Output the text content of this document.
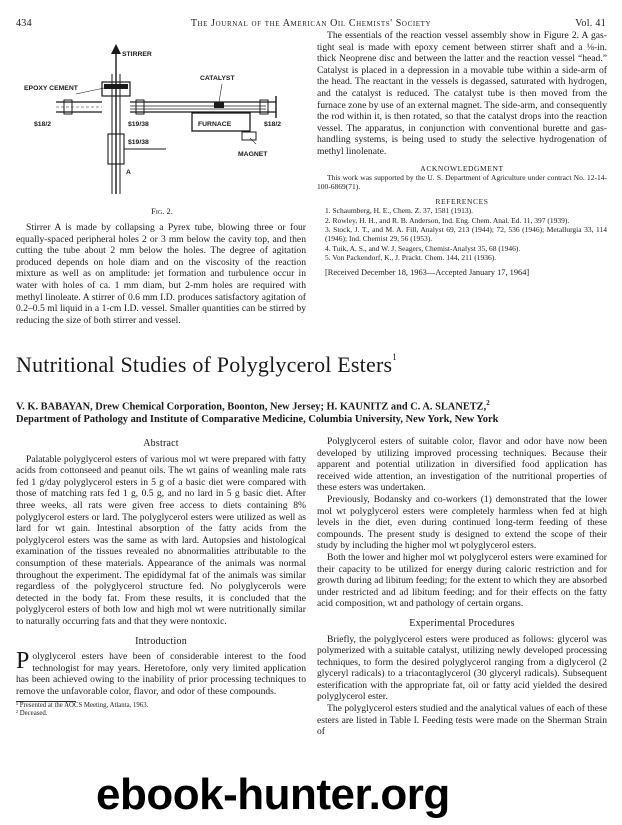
434	The Journal of the American Oil Chemists' Society	Vol. 41
STIRRER
EPOXY CEMENT
CATALYST
$18/2	$19/38	FURNACE	$18/2
$19/38
MAGNET
A
Fig. 2.

Stirrer A is made by collapsing a Pyrex tube, blowing three or four equally-spaced peripheral holes 2 or 3 mm below the cavity top, and then cutting the tube about 2 mm below the holes. The degree of agitation produced depends on hole diam and on the viscosity of the reaction mixture as well as on amplitude: jet formation and turbulence occur in water with holes of ca. 1 mm diam, but 2-mm holes are required with methyl linoleate. A stirrer of 0.6 mm I.D. produces satisfactory agitation of 0.2–0.5 ml liquid in a 1-cm I.D. vessel. Smaller quantities can be stirred by reducing the size of both stirrer and vessel.

The essentials of the reaction vessel assembly show in Figure 2. A gas-tight seal is made with epoxy cement between stirrer shaft and a ⅛-in. thick Neoprene disc and between the latter and the reaction vessel “head.” Catalyst is placed in a depression in a movable tube within a side-arm of the head. The reactant in the vessels is degassed, saturated with hydrogen, and the catalyst is reduced. The catalyst tube is then moved from the furnace zone by use of an external magnet. The side-arm, and consequently the rod within it, is then rotated, so that the catalyst drops into the reaction vessel. The apparatus, in conjunction with conventional burette and gas-handling systems, is being used to study the selective hydrogenation of methyl linolenate.

ACKNOWLEDGMENT
This work was supported by the U. S. Department of Agriculture under contract No. 12-14-100-6869(71).
REFERENCES
1. Schaumberg, H. E., Chem. Z. 37, 1581 (1913).
2. Rowley, H. H., and R. B. Anderson, Ind. Eng. Chem. Anal. Ed. 11, 397 (1939).
3. Stock, J. T., and M. A. Fill, Analyst 69, 213 (1944); 72, 536 (1946); Metallurgia 33, 114 (1946); Ind. Chemist 29, 56 (1953).
4. Tuik, A. S., and W. J. Seagers, Chemist-Analyst 35, 68 (1946).
5. Von Packendorf, K., J. Prackt. Chem. 144, 211 (1936).
[Received December 18, 1963—Accepted January 17, 1964]
Nutritional Studies of Polyglycerol Esters$^1$
V. K. BABAYAN, Drew Chemical Corporation, Boonton, New Jersey; H. KAUNITZ and C. A. SLANETZ,$^2$
Department of Pathology and Institute of Comparative Medicine, Columbia University, New York, New York
Abstract

Palatable polyglycerol esters of various mol wt were prepared with fatty acids from cottonseed and peanut oils. The wt gains of weanling male rats fed 1 g/day polyglycerol esters in 5 g of a basic diet were compared with those of matching rats fed 1 g, 0.5 g, and no lard in 5 g basic diet. After three weeks, all rats were given free access to diets containing 8% polyglycerol esters or lard. The polyglycerol esters were utilized as well as lard for wt gain. Intestinal absorption of the fatty acids from the polyglycerol esters was the same as with lard. Autopsies and histological examination of the tissues revealed no abnormalities attributable to the consumption of these materials. Appearance of the animals was normal throughout the experiment. The epididymal fat of the animals was similar regardless of the polyglycerol structure fed. No polyglycerols were detected in the body fat. From these results, it is concluded that the polyglycerol esters of both low and high mol wt were nutritionally similar to naturally occurring fats and that they were nontoxic.

Introduction

Polyglycerol esters have been of considerable interest to the food technologist for may years. Heretofore, only very limited application has been achieved owing to the inability of prior processing techniques to remove the unfavorable color, flavor, and odor of these compounds.

¹ Presented at the AOCS Meeting, Atlanta, 1963.
² Deceased.

Polyglycerol esters of suitable color, flavor and odor have now been developed by utilizing improved processing techniques. Because their apparent and potential utilization in diversified food application has received wide attention, an investigation of the nutritional properties of these esters was undertaken.

Previously, Bodansky and co-workers (1) demonstrated that the lower mol wt polyglycerol esters were completely harmless when fed at high levels in the diet, even during continued long-term feeding of these compounds. The present study is designed to extend the scope of their study by including the higher mol wt polyglycerol esters.

Both the lower and higher mol wt polyglycerol esters were examined for their capacity to be utilized for energy during caloric restriction and for growth during ad libitum feeding; for the extent to which they are absorbed under restricted and ad libitum feeding; and for their effects on the fatty acid composition, wt and pathology of certain organs.

Experimental Procedures

Briefly, the polyglycerol esters were produced as follows: glycerol was polymerized with a suitable catalyst, utilizing newly developed processing techniques, to form the desired polyglycerol ranging from a diglycerol (2 glyceryl radicals) to a triacontaglycerol (30 glyceryl radicals). Subsequent esterification with the appropriate fat, oil or fatty acid yielded the desired polyglycerol ester.

The polyglycerol esters studied and the analytical values of each of these esters are listed in Table I. Feeding tests were made on the Sherman Strain of

ebook-hunter.org
